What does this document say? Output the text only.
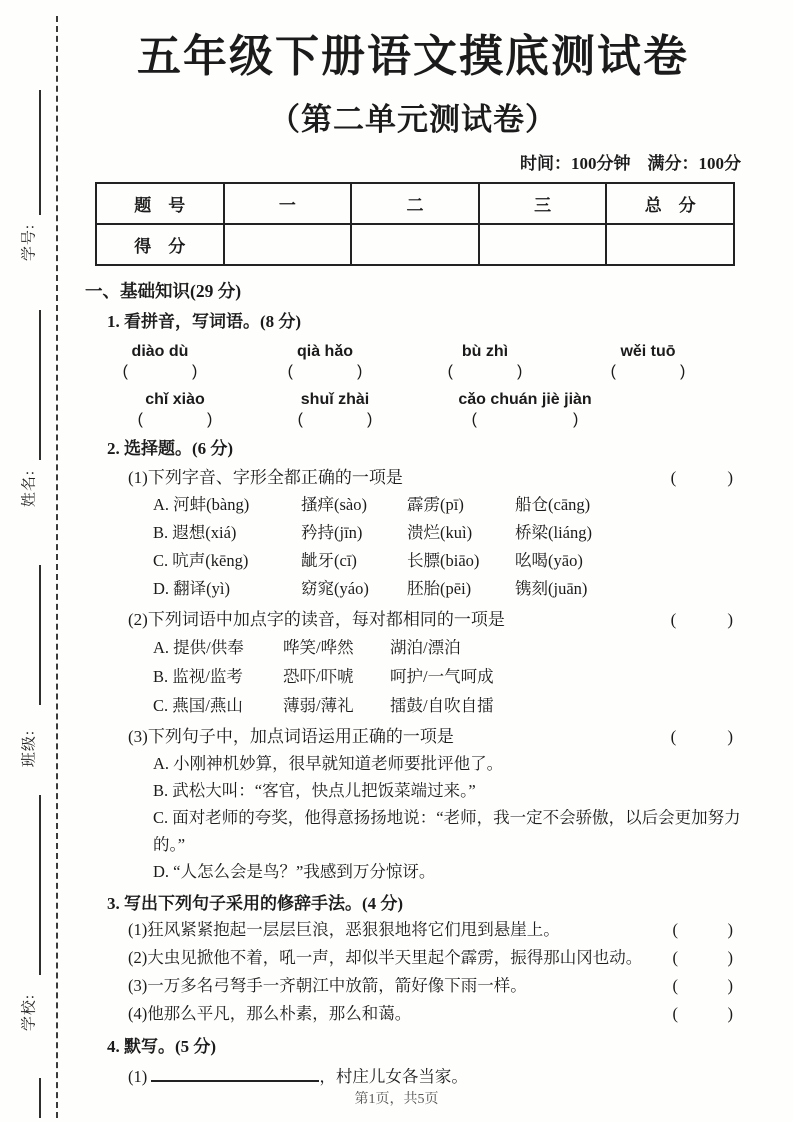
学号:
姓名:
班级:
学校:
五年级下册语文摸底测试卷
（第二单元测试卷）
时间：100分钟　满分：100分
题　号	一	二	三	总　分
得　分				
一、基础知识(29 分)
1. 看拼音，写词语。(8 分)
diào dù	qià hǎo	bù zhì	wěi tuō
(　　　　)	(　　　　)	(　　　　)	(　　　　)
chǐ xiào	shuǐ zhài	cǎo chuán jiè jiàn
(　　　　)	(　　　　)	(　　　　　　)
2. 选择题。(6 分)
(1)下列字音、字形全都正确的一项是	(　　　)
A. 河蚌(bàng)	搔痒(sào)	霹雳(pī)	船仓(cāng)
B. 遐想(xiá)	矜持(jīn)	溃烂(kuì)	桥梁(liáng)
C. 吭声(kēng)	龇牙(cī)	长膘(biāo)	吆喝(yāo)
D. 翻译(yì)	窈窕(yáo)	胚胎(pēi)	镌刻(juān)
(2)下列词语中加点字的读音，每对都相同的一项是	(　　　)
A. 提供/供奉	哗笑/哗然	湖泊/漂泊
B. 监视/监考	恐吓/吓唬	呵护/一气呵成
C. 燕国/燕山	薄弱/薄礼	擂鼓/自吹自擂
(3)下列句子中，加点词语运用正确的一项是	(　　　)
A. 小刚神机妙算，很早就知道老师要批评他了。
B. 武松大叫：“客官，快点儿把饭菜端过来。”
C. 面对老师的夸奖，他得意扬扬地说：“老师，我一定不会骄傲，以后会更加努力的。”
D. “人怎么会是鸟？”我感到万分惊讶。
3. 写出下列句子采用的修辞手法。(4 分)
(1)狂风紧紧抱起一层层巨浪，恶狠狠地将它们甩到悬崖上。	(　　　)
(2)大虫见掀他不着，吼一声，却似半天里起个霹雳，振得那山冈也动。 (　　　)
(3)一万多名弓弩手一齐朝江中放箭，箭好像下雨一样。	(　　　)
(4)他那么平凡，那么朴素，那么和蔼。	(　　　)
4. 默写。(5 分)
(1)	，村庄儿女各当家。
第1页，共5页
